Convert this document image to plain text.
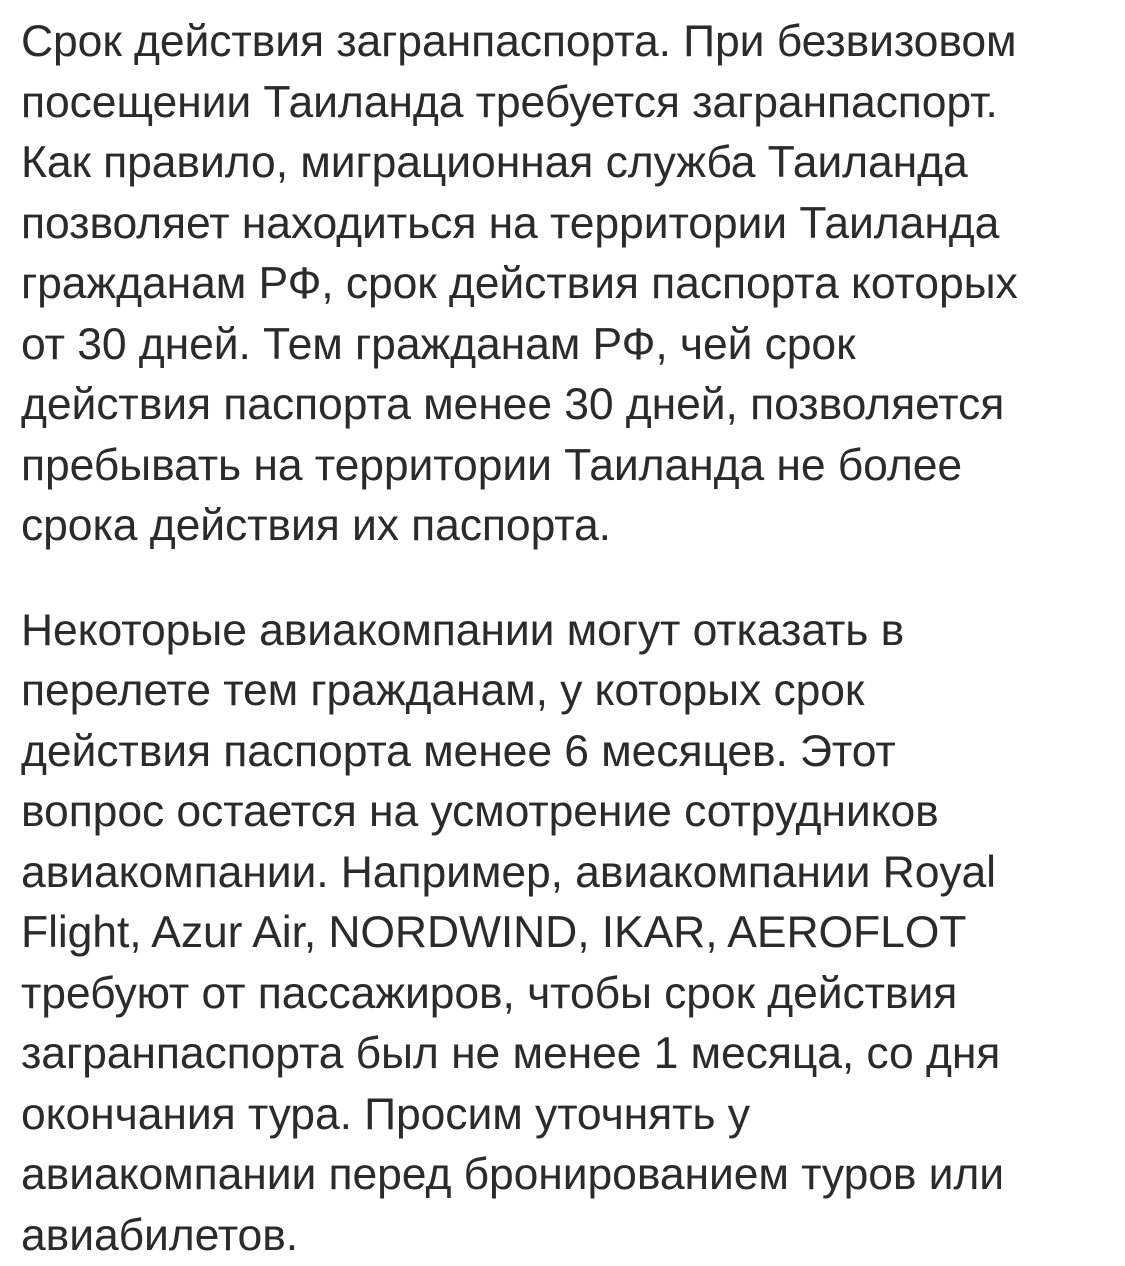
Срок действия загранпаспорта. При безвизовом
посещении Таиланда требуется загранпаспорт.
Как правило, миграционная служба Таиланда
позволяет находиться на территории Таиланда
гражданам РФ, срок действия паспорта которых
от 30 дней. Тем гражданам РФ, чей срок
действия паспорта менее 30 дней, позволяется
пребывать на территории Таиланда не более
срока действия их паспорта.
Некоторые авиакомпании могут отказать в
перелете тем гражданам, у которых срок
действия паспорта менее 6 месяцев. Этот
вопрос остается на усмотрение сотрудников
авиакомпании. Например, авиакомпании Royal
Flight, Azur Air, NORDWIND, IKAR, AEROFLOT
требуют от пассажиров, чтобы срок действия
загранпаспорта был не менее 1 месяца, со дня
окончания тура. Просим уточнять у
авиакомпании перед бронированием туров или
авиабилетов.
